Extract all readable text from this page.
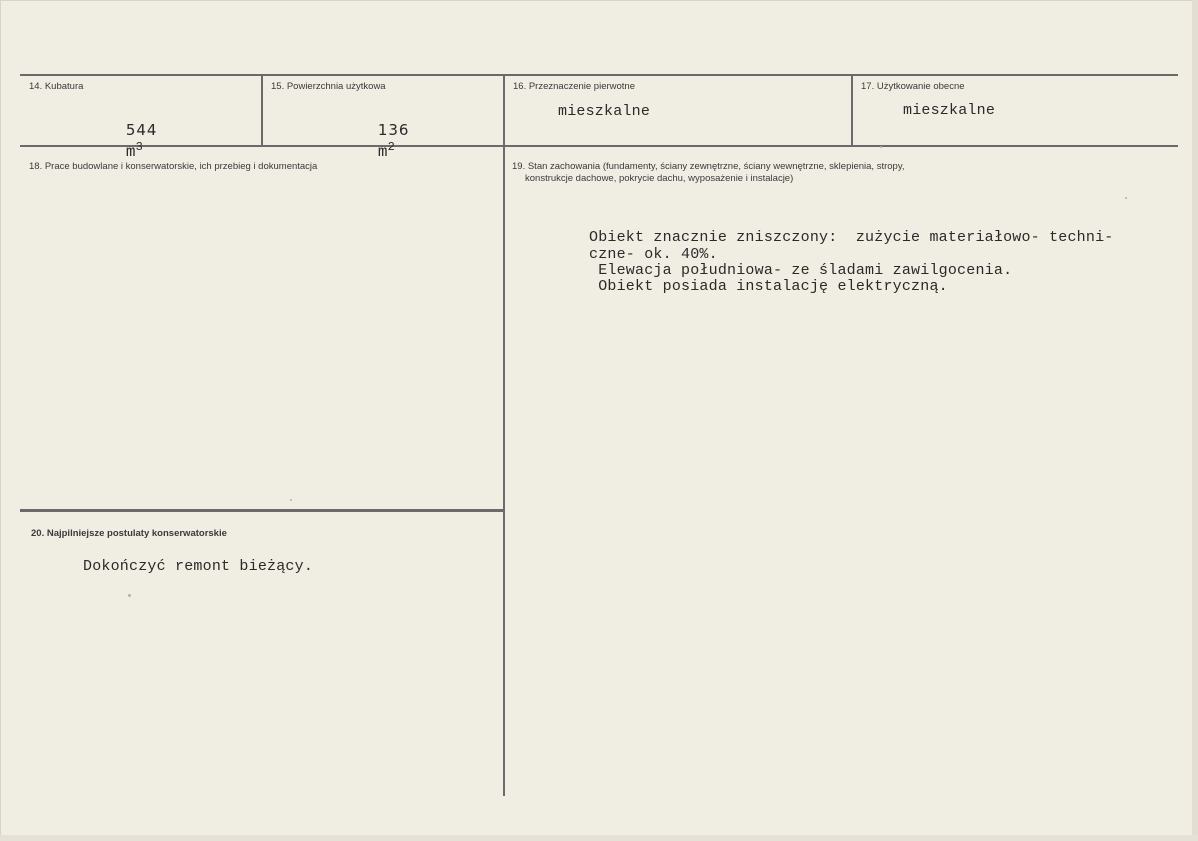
14. Kubatura

544
$m^3$

15. Powierzchnia użytkowa

136
$m^2$

16. Przeznaczenie pierwotne
mieszkalne
17. Użytkowanie obecne
mieszkalne
18. Prace budowlane i konserwatorskie, ich przebieg i dokumentacja	19. Stan zachowania (fundamenty, ściany zewnętrzne, ściany wewnętrzne, sklepienia, stropy,
konstrukcje dachowe, pokrycie dachu, wyposażenie i instalacje)
Obiekt znacznie zniszczony:  zużycie materiałowo- techni-
czne- ok. 40%.
Elewacja południowa- ze śladami zawilgocenia.
Obiekt posiada instalację elektryczną.
20. Najpilniejsze postulaty konserwatorskie
Dokończyć remont bieżący.
